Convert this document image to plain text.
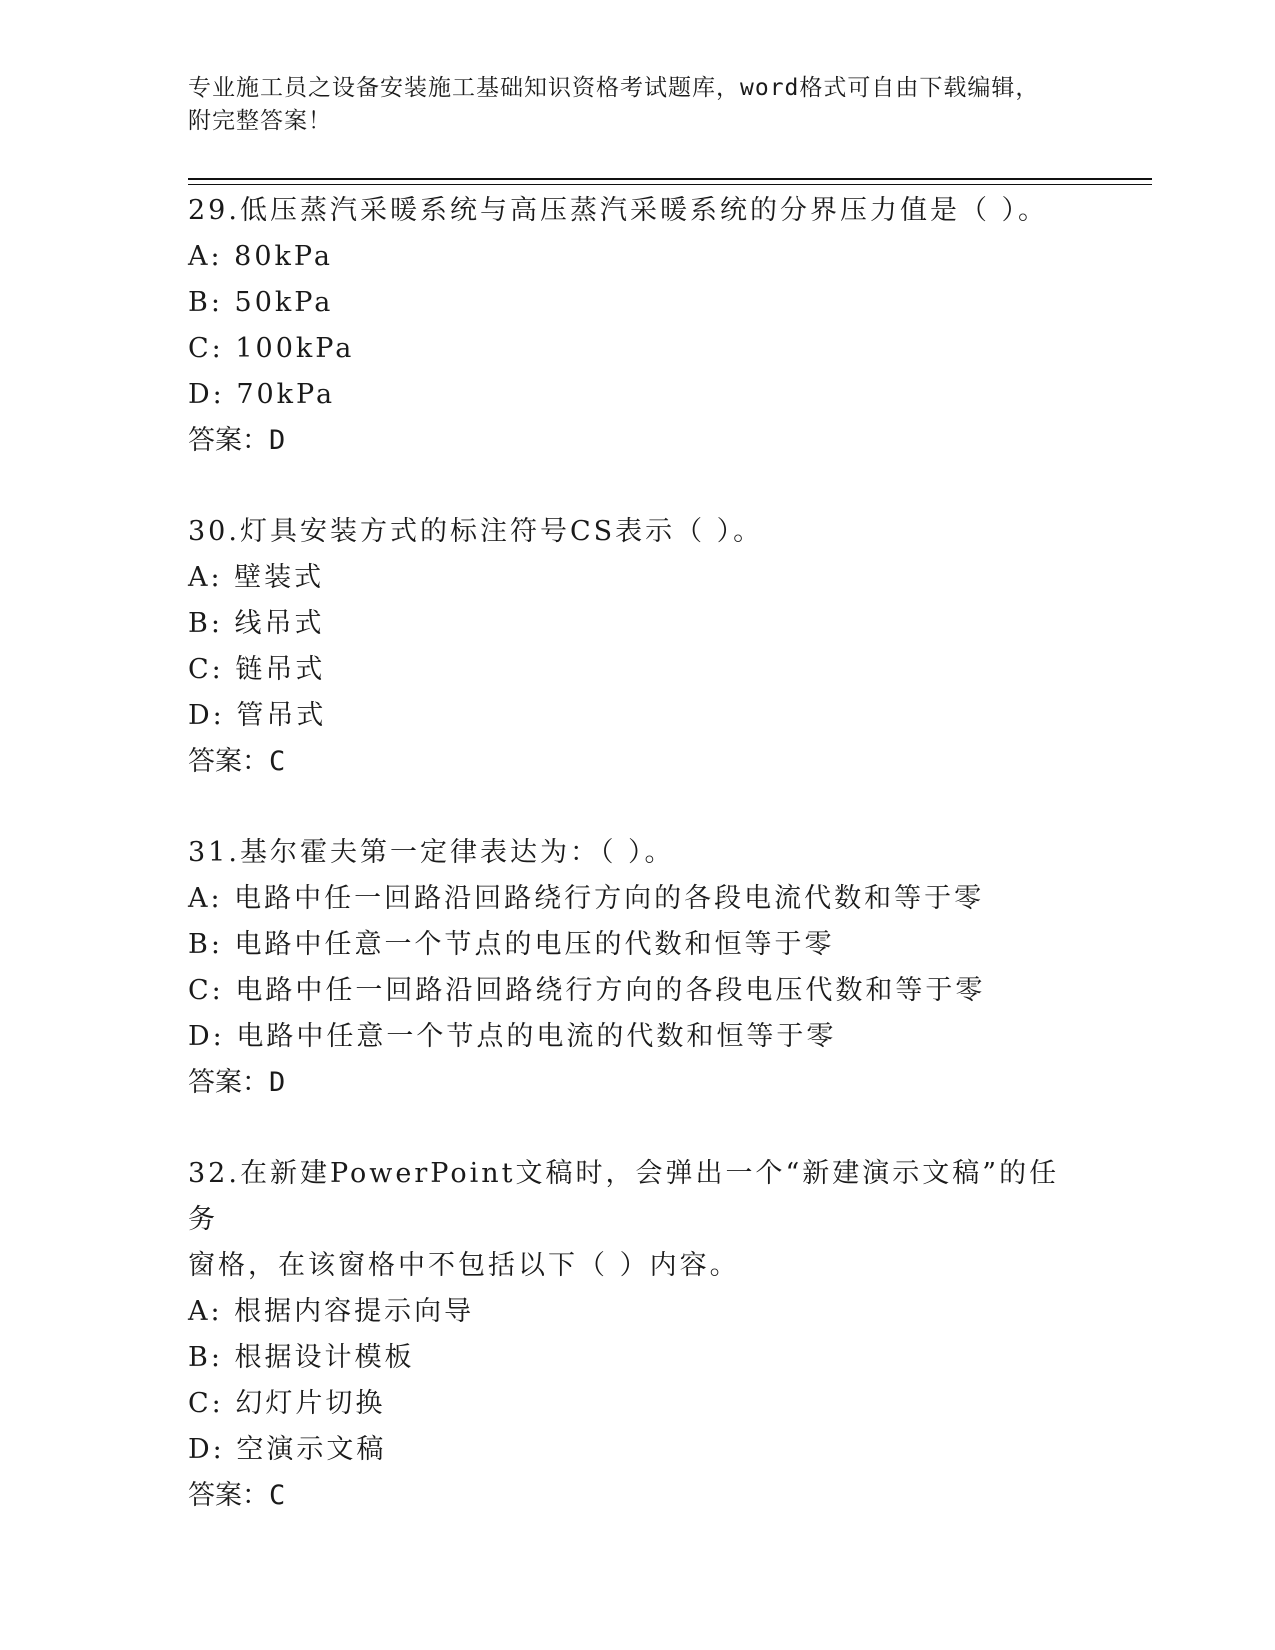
专业施工员之设备安装施工基础知识资格考试题库，word格式可自由下载编辑，
附完整答案！

29.低压蒸汽采暖系统与高压蒸汽采暖系统的分界压力值是（ ）。

A: 80kPa

B: 50kPa

C: 100kPa

D: 70kPa

答案：D

30.灯具安装方式的标注符号CS表示（ ）。

A: 壁装式

B: 线吊式

C: 链吊式

D: 管吊式

答案：C

31.基尔霍夫第一定律表达为：（ ）。

A: 电路中任一回路沿回路绕行方向的各段电流代数和等于零

B: 电路中任意一个节点的电压的代数和恒等于零

C: 电路中任一回路沿回路绕行方向的各段电压代数和等于零

D: 电路中任意一个节点的电流的代数和恒等于零

答案：D

32.在新建PowerPoint文稿时，会弹出一个“新建演示文稿”的任务

窗格，在该窗格中不包括以下（ ）内容。

A: 根据内容提示向导

B: 根据设计模板

C: 幻灯片切换

D: 空演示文稿

答案：C
